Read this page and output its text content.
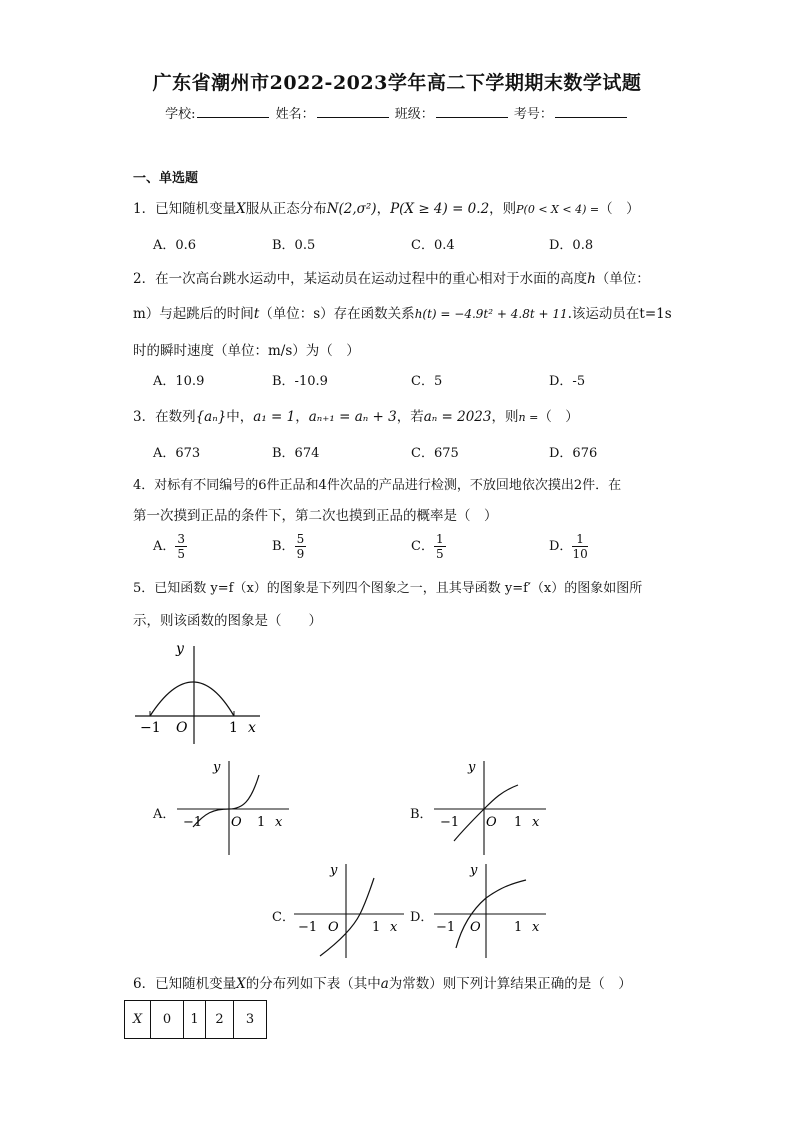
广东省潮州市2022-2023学年高二下学期期末数学试题
学校:	姓名：	班级：	考号：
一、单选题
1．已知随机变量X服从正态分布N(2,σ²)，P(X ≥ 4) = 0.2，则P(0 < X < 4) =（　）
A．0.6	B．0.5	C．0.4	D．0.8
2．在一次高台跳水运动中，某运动员在运动过程中的重心相对于水面的高度h（单位：
m）与起跳后的时间t（单位：s）存在函数关系h(t) = −4.9t² + 4.8t + 11.该运动员在t=1s
时的瞬时速度（单位：m/s）为（　）
A．10.9	B．-10.9	C．5	D．-5
3．在数列{aₙ}中，a₁ = 1，aₙ₊₁ = aₙ + 3，若aₙ = 2023，则n =（　）
A．673	B．674	C．675	D．676
4．对标有不同编号的6件正品和4件次品的产品进行检测，不放回地依次摸出2件．在
第一次摸到正品的条件下，第二次也摸到正品的概率是（　）
A． $\frac{3}{5}$	B． $\frac{5}{9}$	C． $\frac{1}{5}$	D． $\frac{1}{10}$
5．已知函数 y=f（x）的图象是下列四个图象之一，且其导函数 y=f′（x）的图象如图所
示，则该函数的图象是（　　）
y
x
O
−1	1
A．
y
x
O
−1	1
B．
y
x
O
−1	1
C．
y
x
O
−1	1
D．
y
x
O
−1	1
6．已知随机变量X的分布列如下表（其中a为常数）则下列计算结果正确的是（　）
X	0	1	2	3
